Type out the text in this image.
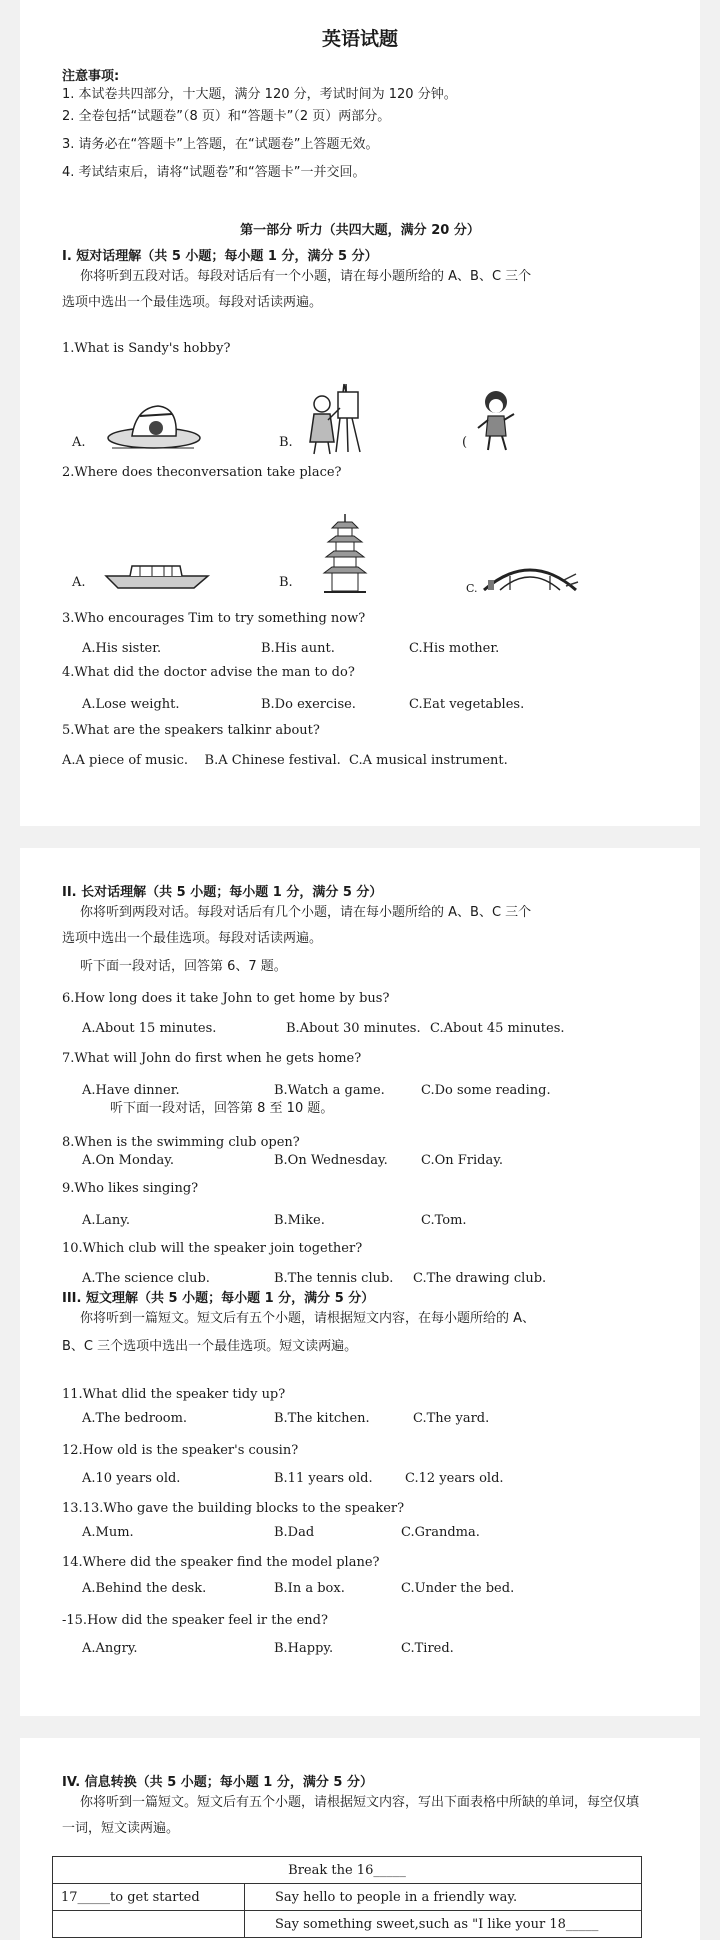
英语试题
注意事项:
1. 本试卷共四部分，十大题，满分 120 分，考试时间为 120 分钟。
2. 全卷包括“试题卷”（8 页）和“答题卡”（2 页）两部分。
3. 请务必在“答题卡”上答题，在“试题卷”上答题无效。
4. 考试结束后，请将“试题卷”和“答题卡”一并交回。
第一部分 听力（共四大题，满分 20 分）
I. 短对话理解（共 5 小题；每小题 1 分，满分 5 分）
你将听到五段对话。每段对话后有一个小题，请在每小题所给的 A、B、C 三个
选项中选出一个最佳选项。每段对话读两遍。
1.What is Sandy's hobby?
A.	B.	(
2.Where does theconversation take place?
A.	B.	C.
3.Who encourages Tim to try something now?
A.His sister.	B.His aunt.	C.His mother.
4.What did the doctor advise the man to do?
A.Lose weight.	B.Do exercise.	C.Eat vegetables.
5.What are the speakers talkinr about?
A.A piece of music.    B.A Chinese festival.  C.A musical instrument.
II. 长对话理解（共 5 小题；每小题 1 分，满分 5 分）
你将听到两段对话。每段对话后有几个小题，请在每小题所给的 A、B、C 三个
选项中选出一个最佳选项。每段对话读两遍。
听下面一段对话，回答第 6、7 题。
6.How long does it take John to get home by bus?
A.About 15 minutes.	B.About 30 minutes. C.About 45 minutes.
7.What will John do first when he gets home?
A.Have dinner.	B.Watch a game.	C.Do some reading.
听下面一段对话，回答第 8 至 10 题。
8.When is the swimming club open?
A.On Monday.	B.On Wednesday.	C.On Friday.
9.Who likes singing?
A.Lany.	B.Mike.	C.Tom.
10.Which club will the speaker join together?
A.The science club.	B.The tennis club. C.The drawing club.
III. 短文理解（共 5 小题；每小题 1 分，满分 5 分）
你将听到一篇短文。短文后有五个小题，请根据短文内容，在每小题所给的 A、
B、C 三个选项中选出一个最佳选项。短文读两遍。
11.What dlid the speaker tidy up?
A.The bedroom.	B.The kitchen.	C.The yard.
12.How old is the speaker's cousin?
A.10 years old.	B.11 years old. C.12 years old.
13.13.Who gave the building blocks to the speaker?
A.Mum.	B.Dad	C.Grandma.
14.Where did the speaker find the model plane?
A.Behind the desk.	B.In a box.	C.Under the bed.
-15.How did the speaker feel ir the end?
A.Angry.	B.Happy.	C.Tired.
IV. 信息转换（共 5 小题；每小题 1 分，满分 5 分）
你将听到一篇短文。短文后有五个小题，请根据短文内容，写出下面表格中所缺的单词，每空仅填
一词，短文读两遍。
Break the 16_____	
17_____to get started	Say hello to people in a friendly way.
	Say something sweet,such as "I like your 18_____
